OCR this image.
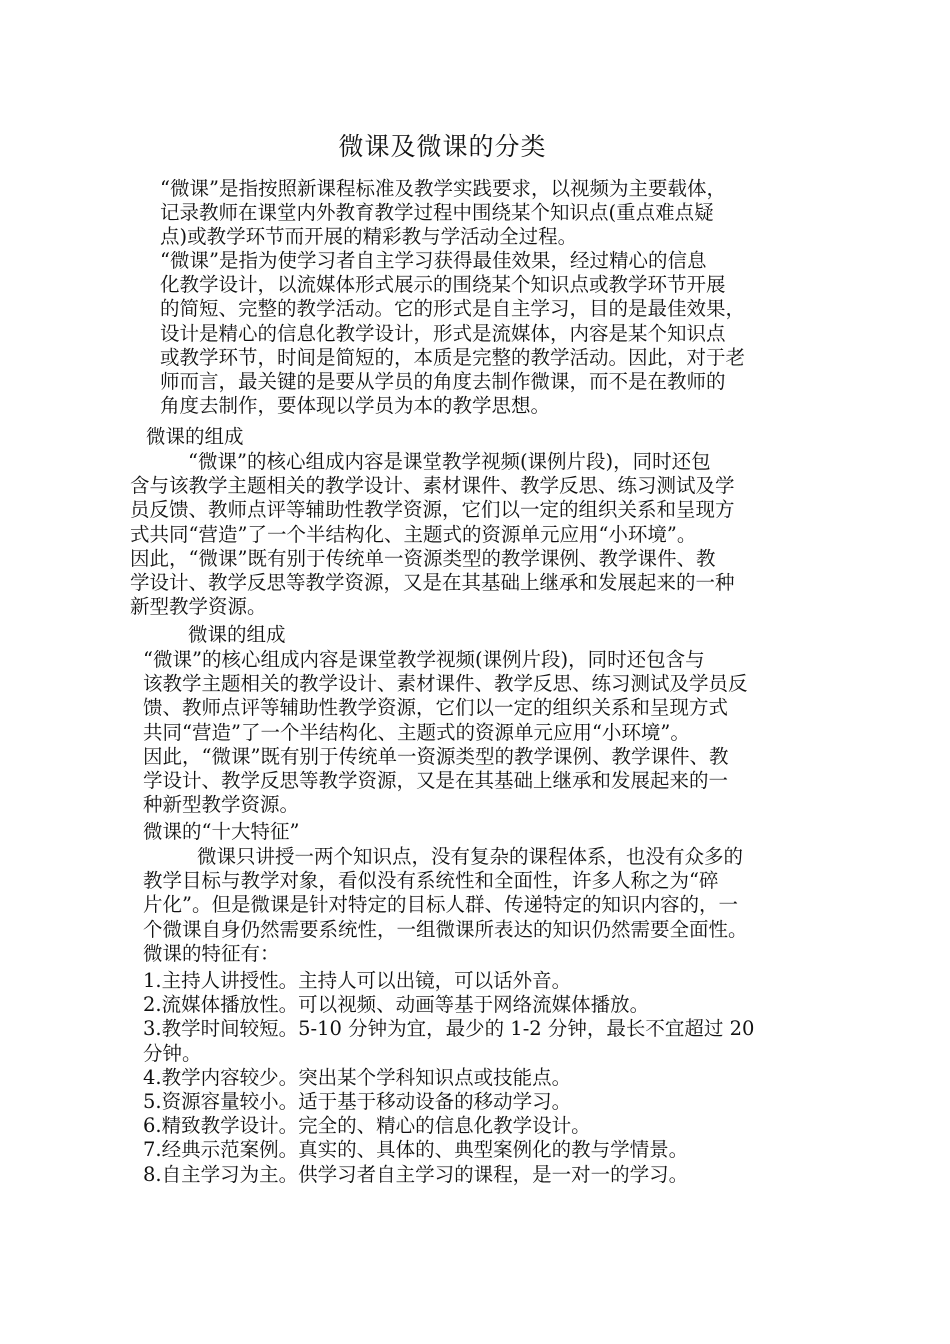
微课及微课的分类
“微课”是指按照新课程标准及教学实践要求，以视频为主要载体，
记录教师在课堂内外教育教学过程中围绕某个知识点(重点难点疑
点)或教学环节而开展的精彩教与学活动全过程。
“微课”是指为使学习者自主学习获得最佳效果，经过精心的信息
化教学设计，以流媒体形式展示的围绕某个知识点或教学环节开展
的简短、完整的教学活动。它的形式是自主学习，目的是最佳效果，
设计是精心的信息化教学设计，形式是流媒体，内容是某个知识点
或教学环节，时间是简短的，本质是完整的教学活动。因此，对于老
师而言，最关键的是要从学员的角度去制作微课，而不是在教师的
角度去制作，要体现以学员为本的教学思想。
微课的组成
“微课”的核心组成内容是课堂教学视频(课例片段)，同时还包
含与该教学主题相关的教学设计、素材课件、教学反思、练习测试及学
员反馈、教师点评等辅助性教学资源，它们以一定的组织关系和呈现方
式共同“营造”了一个半结构化、主题式的资源单元应用“小环境”。
因此，“微课”既有别于传统单一资源类型的教学课例、教学课件、教
学设计、教学反思等教学资源，又是在其基础上继承和发展起来的一种
新型教学资源。
微课的组成
“微课”的核心组成内容是课堂教学视频(课例片段)，同时还包含与
该教学主题相关的教学设计、素材课件、教学反思、练习测试及学员反
馈、教师点评等辅助性教学资源，它们以一定的组织关系和呈现方式
共同“营造”了一个半结构化、主题式的资源单元应用“小环境”。
因此，“微课”既有别于传统单一资源类型的教学课例、教学课件、教
学设计、教学反思等教学资源，又是在其基础上继承和发展起来的一
种新型教学资源。
微课的“十大特征”
微课只讲授一两个知识点，没有复杂的课程体系，也没有众多的
教学目标与教学对象，看似没有系统性和全面性，许多人称之为“碎
片化”。但是微课是针对特定的目标人群、传递特定的知识内容的，一
个微课自身仍然需要系统性，一组微课所表达的知识仍然需要全面性。
微课的特征有：
1.主持人讲授性。主持人可以出镜，可以话外音。
2.流媒体播放性。可以视频、动画等基于网络流媒体播放。
3.教学时间较短。5-10 分钟为宜，最少的 1-2 分钟，最长不宜超过 20
分钟。
4.教学内容较少。突出某个学科知识点或技能点。
5.资源容量较小。适于基于移动设备的移动学习。
6.精致教学设计。完全的、精心的信息化教学设计。
7.经典示范案例。真实的、具体的、典型案例化的教与学情景。
8.自主学习为主。供学习者自主学习的课程，是一对一的学习。
